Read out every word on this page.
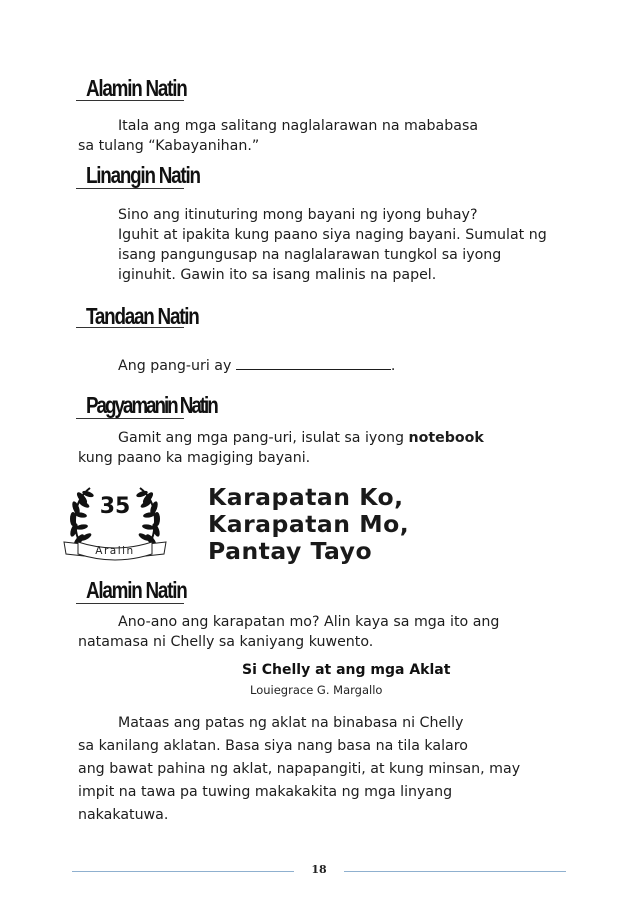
Alamin Natin
Itala ang mga salitang naglalarawan na mababasa
sa tulang “Kabayanihan.”
Linangin Natin
Sino ang itinuturing mong bayani ng iyong buhay?
Iguhit at ipakita kung paano siya naging bayani. Sumulat ng
isang pangungusap na naglalarawan tungkol sa iyong
iginuhit. Gawin ito sa isang malinis na papel.
Tandaan Natin
Ang pang-uri ay	.
Pagyamanin Natin
Gamit ang mga pang-uri, isulat sa iyong notebook
kung paano ka magiging bayani.
35
Aralin
Karapatan Ko,
Karapatan Mo,
Pantay Tayo
Alamin Natin
Ano-ano ang karapatan mo? Alin kaya sa mga ito ang
natamasa ni Chelly sa kaniyang kuwento.
Si Chelly at ang mga Aklat
Louiegrace G. Margallo
Mataas ang patas ng aklat na binabasa ni Chelly
sa kanilang aklatan. Basa siya nang basa na tila kalaro
ang bawat pahina ng aklat, napapangiti, at kung minsan, may
impit na tawa pa tuwing makakakita ng mga linyang
nakakatuwa.
18
